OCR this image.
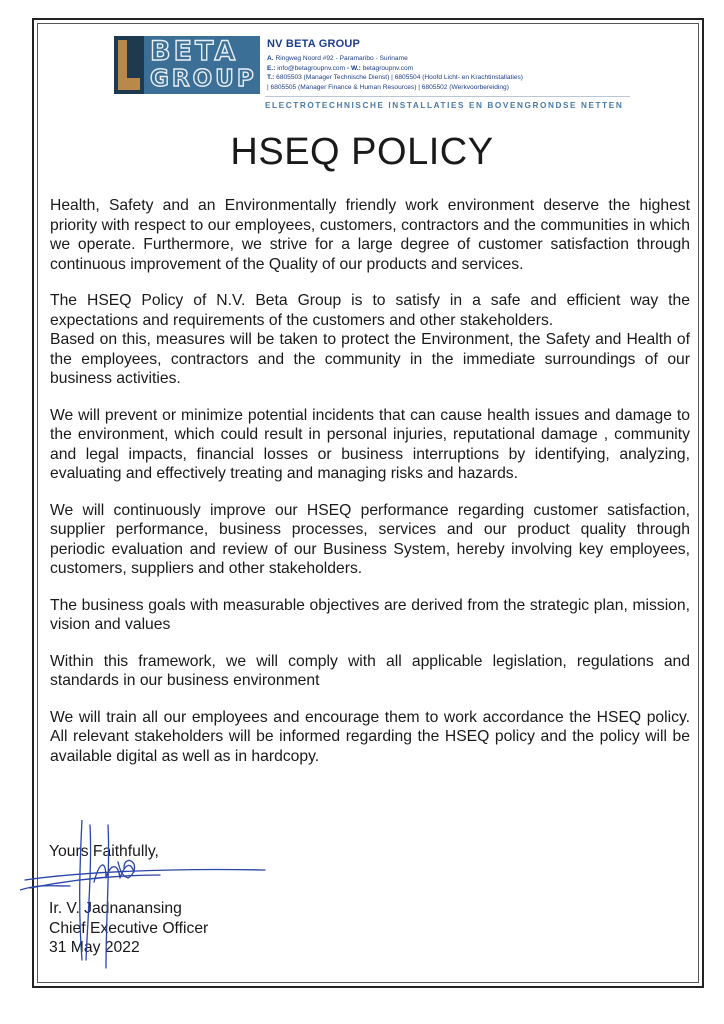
BETA
GROUP
NV BETA GROUP
A. Ringweg Noord #92 - Paramaribo - Suriname
E.: info@betagroupnv.com - W.: betagroupnv.com
T.: 6805503 (Manager Technische Dienst) | 6805504 (Hoofd Licht- en Krachtinstallaties)
| 6805505 (Manager Finance & Human Resources) | 6805502 (Werkvoorbereiding)
ELECTROTECHNISCHE INSTALLATIES EN BOVENGRONDSE NETTEN
HSEQ POLICY

Health, Safety and an Environmentally friendly work environment deserve the highest priority with respect to our employees, customers, contractors and the communities in which we operate. Furthermore, we strive for a large degree of customer satisfaction through continuous improvement of the Quality of our products and services.

The HSEQ Policy of N.V. Beta Group is to satisfy in a safe and efficient way the expectations and requirements of the customers and other stakeholders.

Based on this, measures will be taken to protect the Environment, the Safety and Health of the employees, contractors and the community in the immediate surroundings of our business activities.

We will prevent or minimize potential incidents that can cause health issues and damage to the environment, which could result in personal injuries, reputational damage , community and legal impacts, financial losses or business interruptions by identifying, analyzing, evaluating and effectively treating and managing risks and hazards.

We will continuously improve our HSEQ performance regarding customer satisfaction, supplier performance, business processes, services and our product quality through periodic evaluation and review of our Business System, hereby involving key employees, customers, suppliers and other stakeholders.

The business goals with measurable objectives are derived from the strategic plan, mission, vision and values

Within this framework, we will comply with all applicable legislation, regulations and standards in our business environment

We will train all our employees and encourage them to work accordance the HSEQ policy. All relevant stakeholders will be informed regarding the HSEQ policy and the policy will be available digital as well as in hardcopy.

Yours Faithfully,
Ir. V. Jadnanansing
Chief Executive Officer
31 May 2022
